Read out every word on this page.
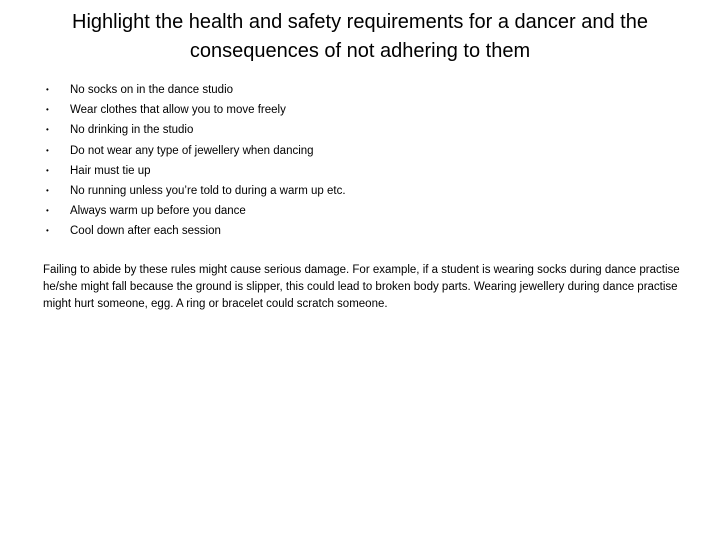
Highlight the health and safety requirements for a dancer and the consequences of not adhering to them
• No socks on in the dance studio
• Wear clothes that allow you to move freely
• No drinking in the studio
• Do not wear any type of jewellery when dancing
• Hair must tie up
• No running unless you’re told to during a warm up etc.
• Always warm up before you dance
• Cool down after each session

Failing to abide by these rules might cause serious damage. For example, if a student is wearing socks during dance practise he/she might fall because the ground is slipper, this could lead to broken body parts. Wearing jewellery during dance practise might hurt someone, egg. A ring or bracelet could scratch someone.
